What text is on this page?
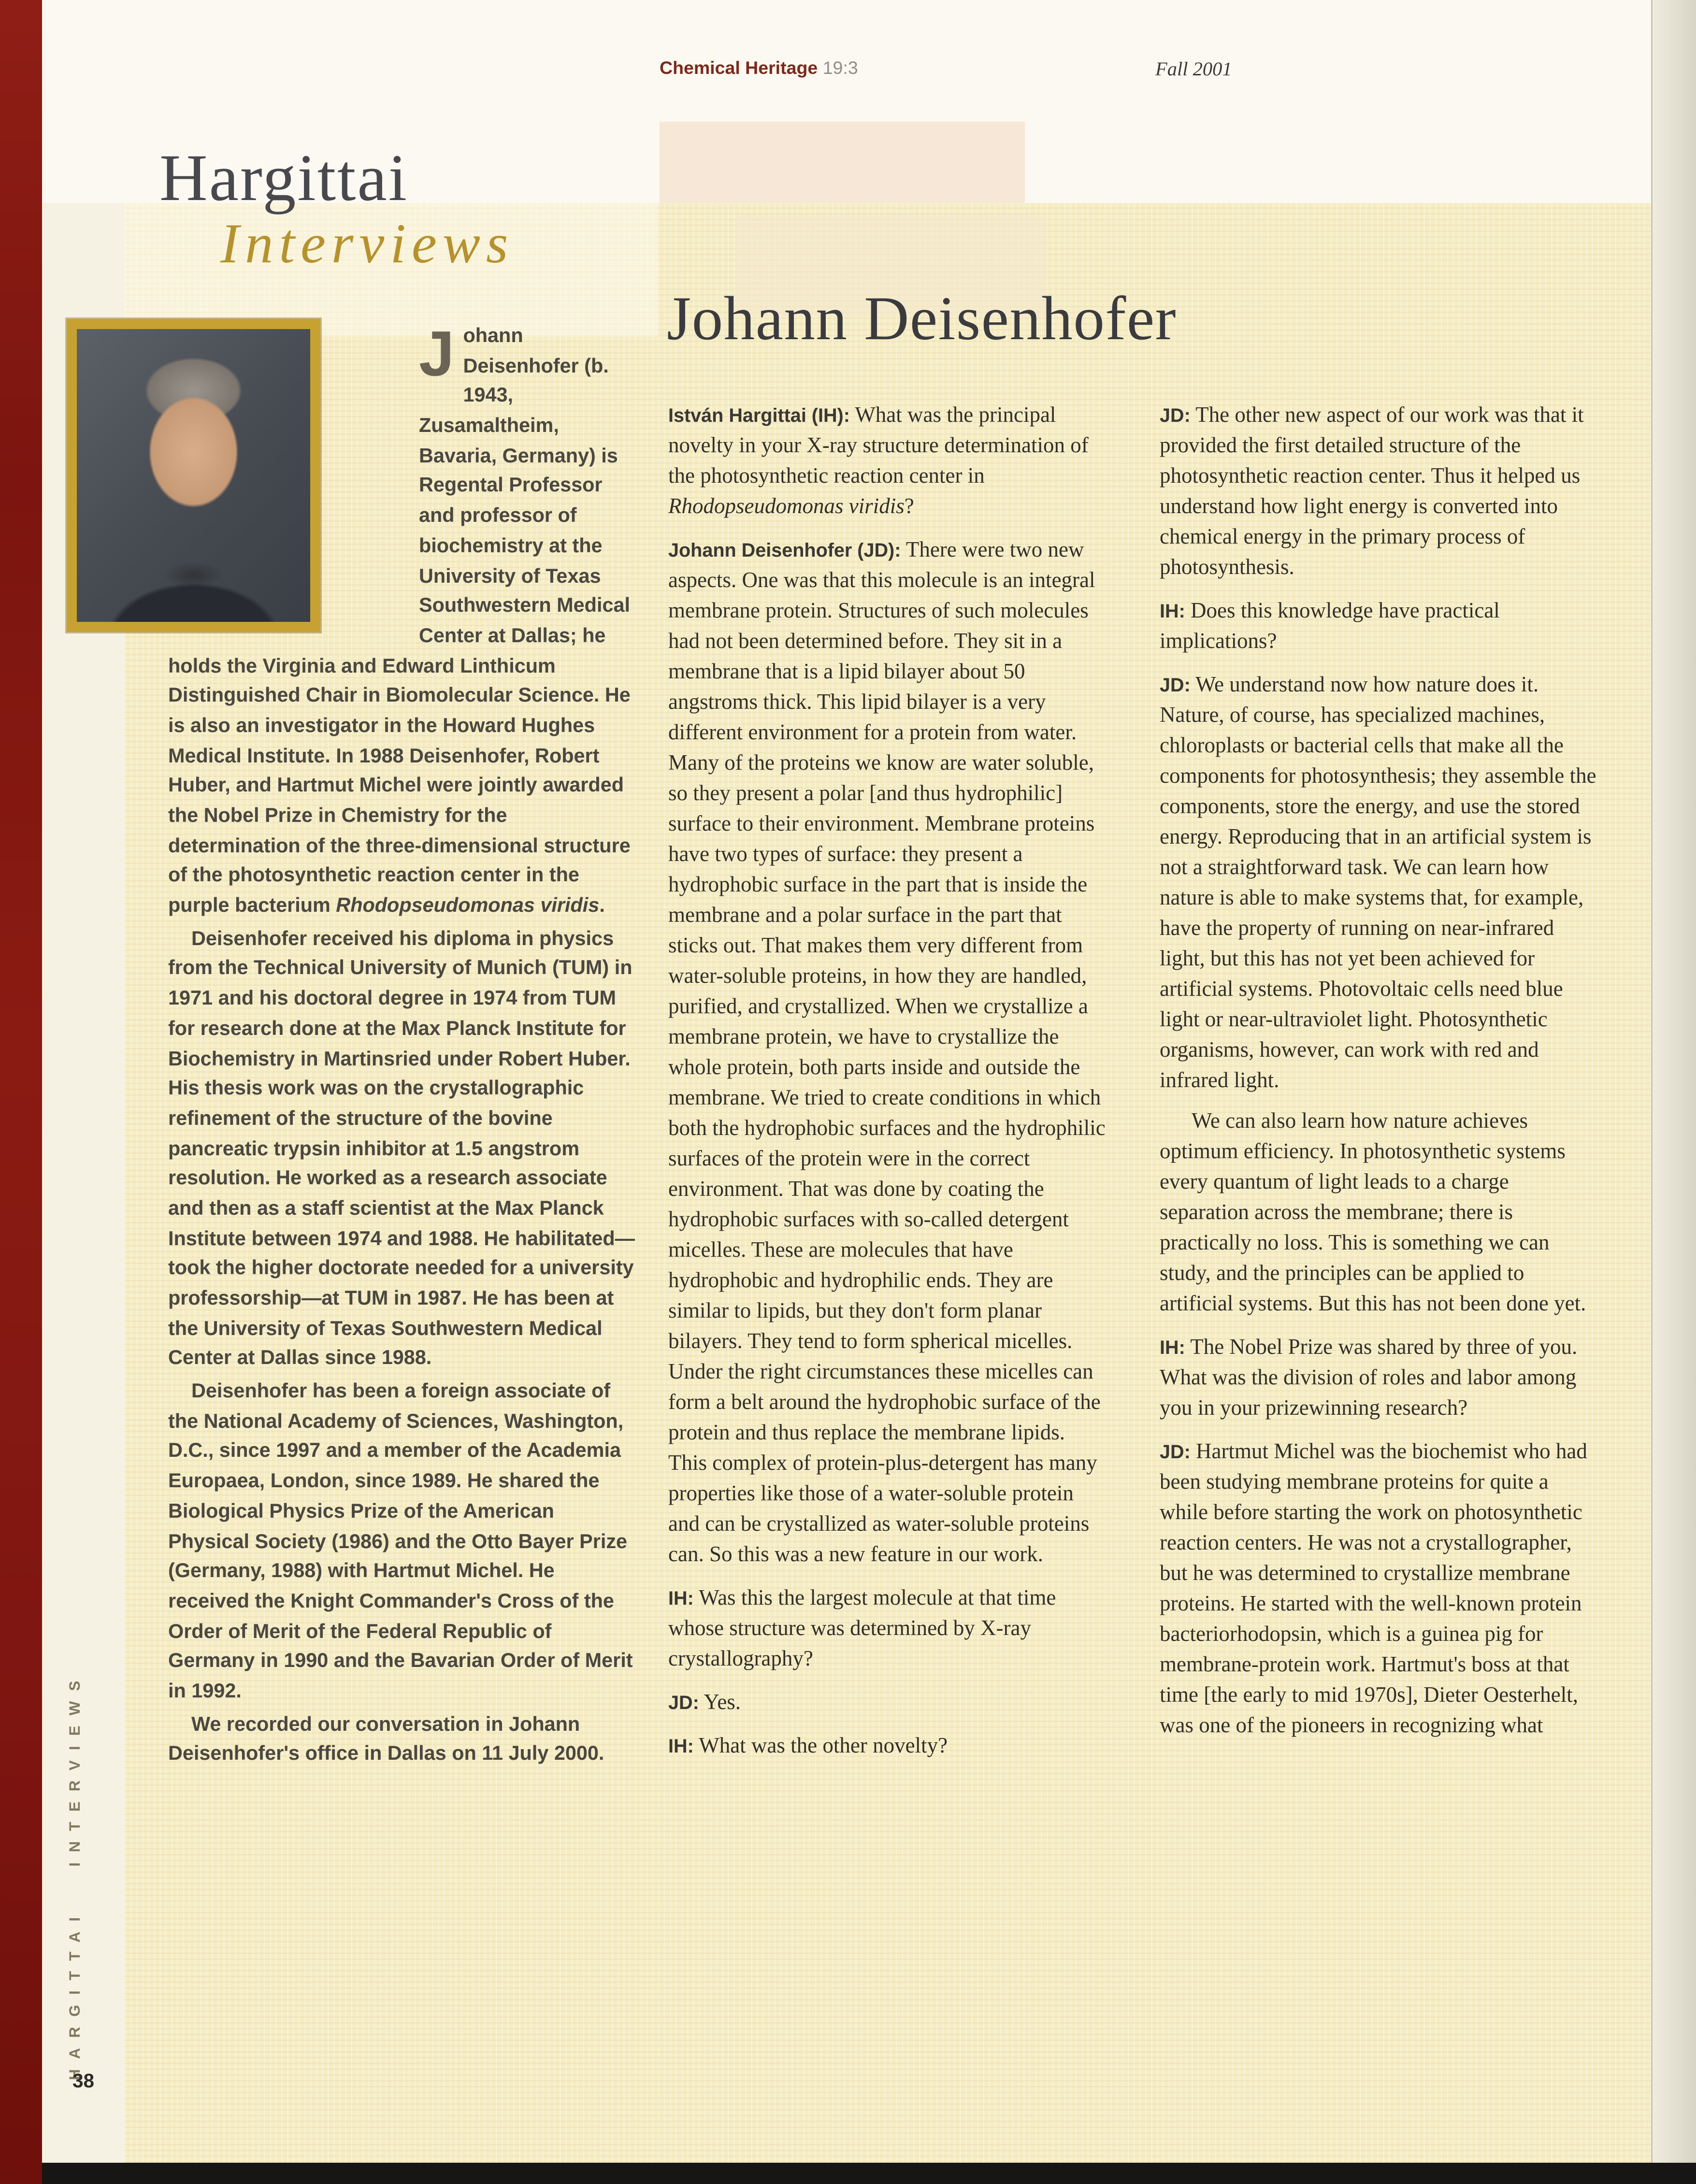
Chemical Heritage 19:3	Fall 2001
Hargittai
Interviews
Johann Deisenhofer

J	ohann Deisenhofer (b. 1943, Zusamaltheim, Bavaria, Germany) is Regental Professor and professor of biochemistry at the University of Texas Southwestern Medical Center at Dallas; he holds the Virginia and Edward Linthicum Distinguished Chair in Biomolecular Science. He is also an investigator in the Howard Hughes Medical Institute. In 1988 Deisenhofer, Robert Huber, and Hartmut Michel were jointly awarded the Nobel Prize in Chemistry for the determination of the three-dimensional structure of the photosynthetic reaction center in the purple bacterium Rhodopseudomonas viridis.

Deisenhofer received his diploma in physics from the Technical University of Munich (TUM) in 1971 and his doctoral degree in 1974 from TUM for research done at the Max Planck Institute for Biochemistry in Martinsried under Robert Huber. His thesis work was on the crystallographic refinement of the structure of the bovine pancreatic trypsin inhibitor at 1.5 angstrom resolution. He worked as a research associate and then as a staff scientist at the Max Planck Institute between 1974 and 1988. He habilitated—took the higher doctorate needed for a university professorship—at TUM in 1987. He has been at the University of Texas Southwestern Medical Center at Dallas since 1988.

Deisenhofer has been a foreign associate of the National Academy of Sciences, Washington, D.C., since 1997 and a member of the Academia Europaea, London, since 1989. He shared the Biological Physics Prize of the American Physical Society (1986) and the Otto Bayer Prize (Germany, 1988) with Hartmut Michel. He received the Knight Commander's Cross of the Order of Merit of the Federal Republic of Germany in 1990 and the Bavarian Order of Merit in 1992.

We recorded our conversation in Johann Deisenhofer's office in Dallas on 11 July 2000.

István Hargittai (IH): What was the principal novelty in your X-ray structure determination of the photosynthetic reaction center in Rhodopseudomonas viridis?

Johann Deisenhofer (JD): There were two new aspects. One was that this molecule is an integral membrane protein. Structures of such molecules had not been determined before. They sit in a membrane that is a lipid bilayer about 50 angstroms thick. This lipid bilayer is a very different environment for a protein from water. Many of the proteins we know are water soluble, so they present a polar [and thus hydrophilic] surface to their environment. Membrane proteins have two types of surface: they present a hydrophobic surface in the part that is inside the membrane and a polar surface in the part that sticks out. That makes them very different from water-soluble proteins, in how they are handled, purified, and crystallized. When we crystallize a membrane protein, we have to crystallize the whole protein, both parts inside and outside the membrane. We tried to create conditions in which both the hydrophobic surfaces and the hydrophilic surfaces of the protein were in the correct environment. That was done by coating the hydrophobic surfaces with so-called detergent micelles. These are molecules that have hydrophobic and hydrophilic ends. They are similar to lipids, but they don't form planar bilayers. They tend to form spherical micelles. Under the right circumstances these micelles can form a belt around the hydrophobic surface of the protein and thus replace the membrane lipids. This complex of protein-plus-detergent has many properties like those of a water-soluble protein and can be crystallized as water-soluble proteins can. So this was a new feature in our work.

IH: Was this the largest molecule at that time whose structure was determined by X-ray crystallography?

JD: Yes.

IH: What was the other novelty?

JD: The other new aspect of our work was that it provided the first detailed structure of the photosynthetic reaction center. Thus it helped us understand how light energy is converted into chemical energy in the primary process of photosynthesis.

IH: Does this knowledge have practical implications?

JD: We understand now how nature does it. Nature, of course, has specialized machines, chloroplasts or bacterial cells that make all the components for photosynthesis; they assemble the components, store the energy, and use the stored energy. Reproducing that in an artificial system is not a straightforward task. We can learn how nature is able to make systems that, for example, have the property of running on near-infrared light, but this has not yet been achieved for artificial systems. Photovoltaic cells need blue light or near-ultraviolet light. Photosynthetic organisms, however, can work with red and infrared light.

We can also learn how nature achieves optimum efficiency. In photosynthetic systems every quantum of light leads to a charge separation across the membrane; there is practically no loss. This is something we can study, and the principles can be applied to artificial systems. But this has not been done yet.

IH: The Nobel Prize was shared by three of you. What was the division of roles and labor among you in your prizewinning research?

JD: Hartmut Michel was the biochemist who had been studying membrane proteins for quite a while before starting the work on photosynthetic reaction centers. He was not a crystallographer, but he was determined to crystallize membrane proteins. He started with the well-known protein bacteriorhodopsin, which is a guinea pig for membrane-protein work. Hartmut's boss at that time [the early to mid 1970s], Dieter Oesterhelt, was one of the pioneers in recognizing what

HARGITTAI INTERVIEWS
38
